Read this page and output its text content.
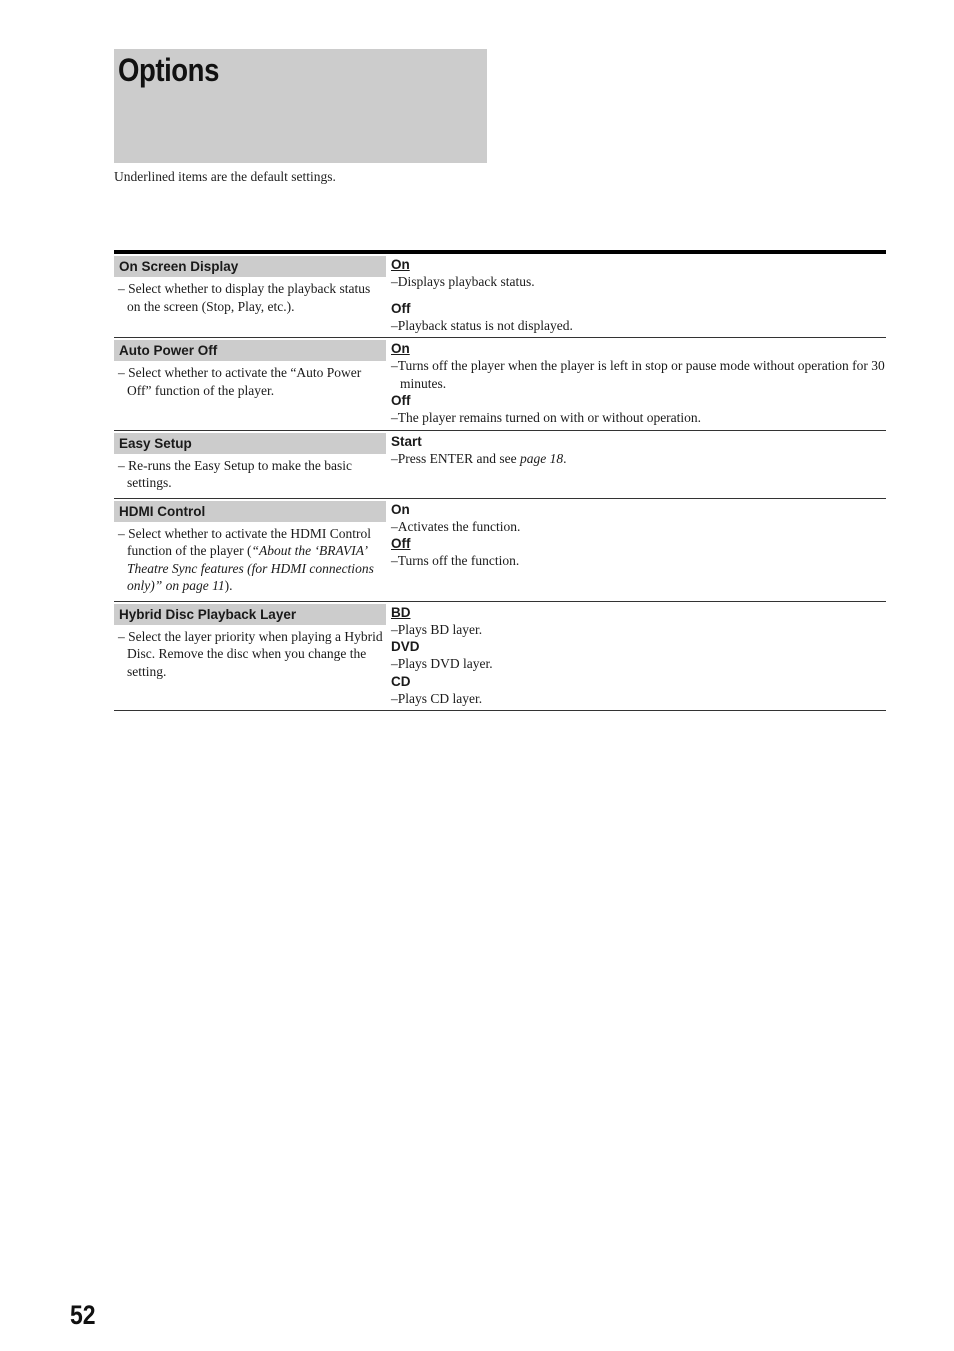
Options
Underlined items are the default settings.
On Screen Display
– Select whether to display the playback status on the screen (Stop, Play, etc.).
On
–Displays playback status.
Off
–Playback status is not displayed.
Auto Power Off
– Select whether to activate the “Auto Power Off” function of the player.
On
–Turns off the player when the player is left in stop or pause mode without operation for 30 minutes.
Off
–The player remains turned on with or without operation.
Easy Setup
– Re-runs the Easy Setup to make the basic settings.
Start
–Press ENTER and see page 18.
HDMI Control
– Select whether to activate the HDMI Control function of the player (“About the ‘BRAVIA’ Theatre Sync features (for HDMI connections only)” on page 11).
On
–Activates the function.
Off
–Turns off the function.
Hybrid Disc Playback Layer
– Select the layer priority when playing a Hybrid Disc. Remove the disc when you change the setting.
BD
–Plays BD layer.
DVD
–Plays DVD layer.
CD
–Plays CD layer.
52
